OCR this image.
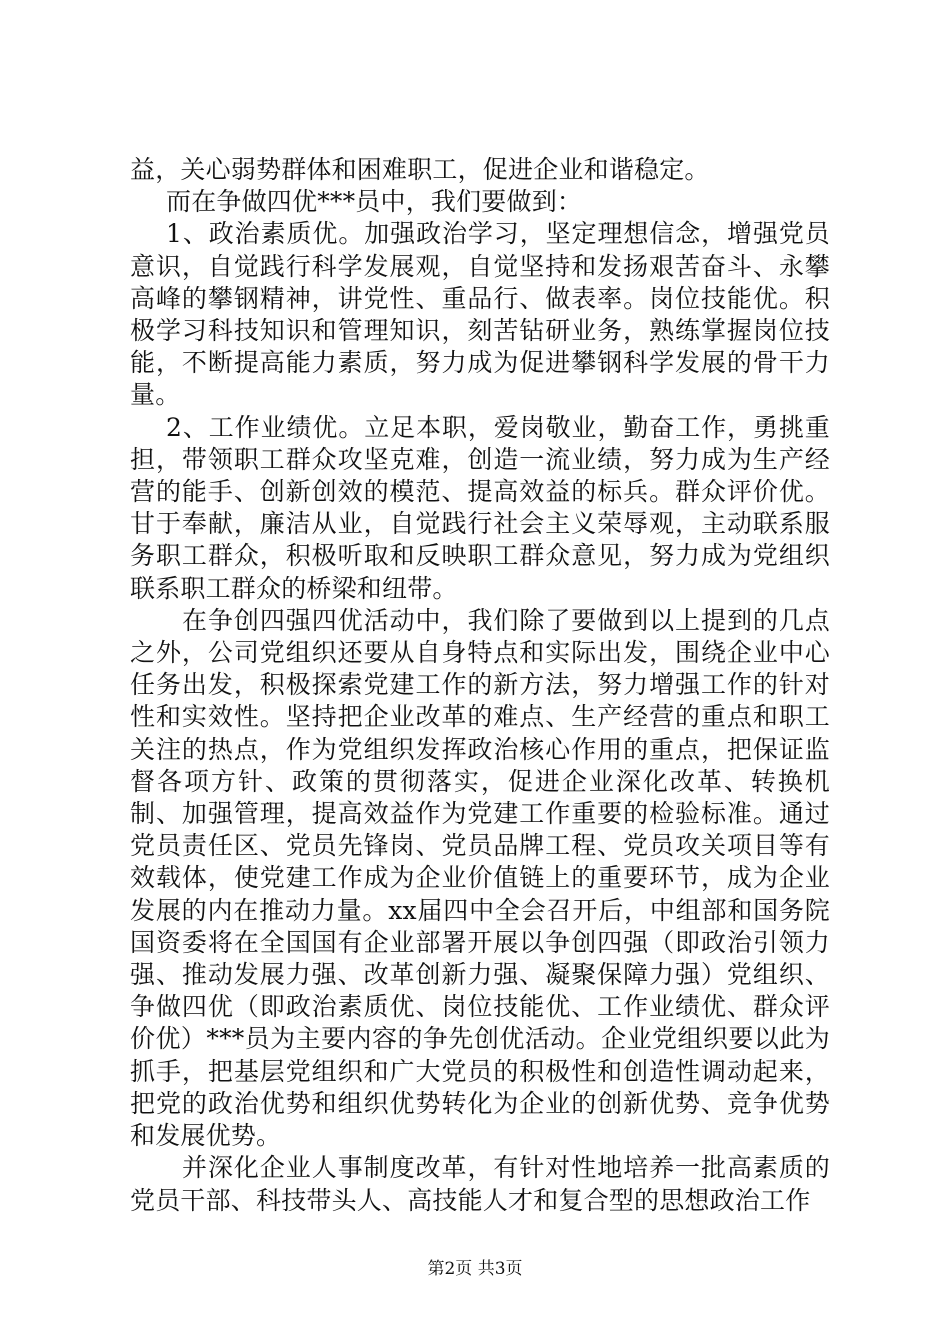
益，关心弱势群体和困难职工，促进企业和谐稳定。

而在争做四优***员中，我们要做到：

1、政治素质优。加强政治学习，坚定理想信念，增强党员意识，自觉践行科学发展观，自觉坚持和发扬艰苦奋斗、永攀高峰的攀钢精神，讲党性、重品行、做表率。岗位技能优。积极学习科技知识和管理知识，刻苦钻研业务，熟练掌握岗位技能，不断提高能力素质，努力成为促进攀钢科学发展的骨干力量。

2、工作业绩优。立足本职，爱岗敬业，勤奋工作，勇挑重担，带领职工群众攻坚克难，创造一流业绩，努力成为生产经营的能手、创新创效的模范、提高效益的标兵。群众评价优。甘于奉献，廉洁从业，自觉践行社会主义荣辱观，主动联系服务职工群众，积极听取和反映职工群众意见，努力成为党组织联系职工群众的桥梁和纽带。

在争创四强四优活动中，我们除了要做到以上提到的几点之外，公司党组织还要从自身特点和实际出发，围绕企业中心任务出发，积极探索党建工作的新方法，努力增强工作的针对性和实效性。坚持把企业改革的难点、生产经营的重点和职工关注的热点，作为党组织发挥政治核心作用的重点，把保证监督各项方针、政策的贯彻落实，促进企业深化改革、转换机制、加强管理，提高效益作为党建工作重要的检验标准。通过党员责任区、党员先锋岗、党员品牌工程、党员攻关项目等有效载体，使党建工作成为企业价值链上的重要环节，成为企业发展的内在推动力量。xx届四中全会召开后，中组部和国务院国资委将在全国国有企业部署开展以争创四强（即政治引领力强、推动发展力强、改革创新力强、凝聚保障力强）党组织、争做四优（即政治素质优、岗位技能优、工作业绩优、群众评价优）***员为主要内容的争先创优活动。企业党组织要以此为抓手，把基层党组织和广大党员的积极性和创造性调动起来，把党的政治优势和组织优势转化为企业的创新优势、竞争优势和发展优势。

并深化企业人事制度改革，有针对性地培养一批高素质的党员干部、科技带头人、高技能人才和复合型的思想政治工作

第2页 共3页
